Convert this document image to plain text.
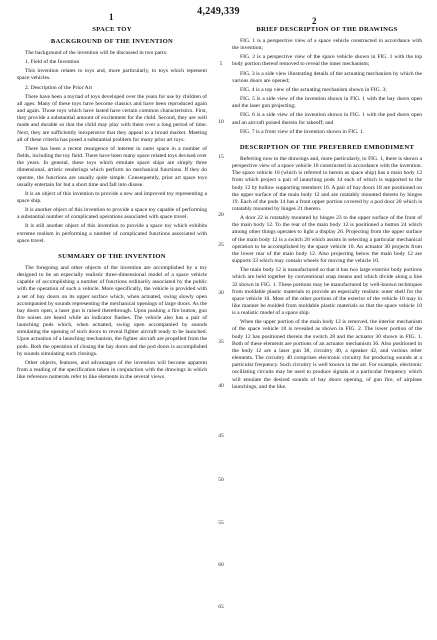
1	4,249,339
2
SPACE TOY
BACKGROUND OF THE INVENTION

The background of the invention will be discussed in two parts:

1. Field of the Invention

This invention relates to toys and, more particularly, to toys which represent space vehicles.

2. Description of the Prior Art

There have been a myriad of toys developed over the years for use by children of all ages. Many of these toys have become classics and have been reproduced again and again. Those toys which have lasted have certain common characteristics. First, they provide a substantial amount of excitement for the child. Second, they are well made and durable so that the child may play with them over a long period of time. Next, they are sufficiently inexpensive that they appeal to a broad market. Meeting all of these criteria has posed a substantial problem for many prior art toys.

There has been a recent resurgence of interest in outer space in a number of fields, including the toy field. There have been many space related toys devised over the years. In general, these toys which emulate space ships are simply three dimensional, artistic renderings which perform no mechanical functions. If they do operate, the functions are usually quite simple. Consequently, prior art space toys usually entertain for but a short time and fall into disuse.

It is an object of this invention to provide a new and improved toy representing a space ship.

It is another object of this invention to provide a space toy capable of performing a substantial number of complicated operations associated with space travel.

It is still another object of this invention to provide a space toy which exhibits extreme realism in performing a number of complicated functions associated with space travel.

SUMMARY OF THE INVENTION

The foregoing and other objects of the invention are accomplished by a toy designed to be an especially realistic three-dimensional model of a space vehicle capable of accomplishing a number of functions ordinarily associated by the public with the operation of such a vehicle. More specifically, the vehicle is provided with a set of bay doors on its upper surface which, when actuated, swing slowly open accompanied by sounds representing the mechanical openings of large doors. As the bay doors open, a laser gun is raised therethrough. Upon pushing a fire button, gun fire noises are heard while an indicator flashes. The vehicle also has a pair of launching pods which, when actuated, swing open accompanied by sounds simulating the opening of such doors to reveal fighter aircraft ready to be launched. Upon actuation of a launching mechanism, the fighter aircraft are propelled from the pods. Both the operation of closing the bay doors and the pod doors is accomplished by sounds simulating such closings.

Other objects, features, and advantages of the invention will become apparent from a reading of the specification taken in conjunction with the drawings in which like reference numerals refer to like elements in the several views.

5
10
15
20
25
30
35
40
45
50
55
60
65
BRIEF DESCRIPTION OF THE DRAWINGS

FIG. 1 is a perspective view of a space vehicle constructed in accordance with the invention;

FIG. 2 is a perspective view of the space vehicle shown in FIG. 1 with the top body portion thereof removed to reveal the inner mechanism;

FIG. 3 is a side view illustrating details of the actuating mechanism by which the various doors are opened;

FIG. 4 is a top view of the actuating mechanism shown in FIG. 3;

FIG. 5 is a side view of the invention shown in FIG. 1 with the bay doors open and the laser gun projecting;

FIG. 6 is a side view of the invention shown in FIG. 1 with the pod doors open and an aircraft poised therein for takeoff; and

FIG. 7 is a front view of the invention shown in FIG. 1.

DESCRIPTION OF THE PREFERRED EMBODIMENT

Referring now to the drawings and, more particularly, to FIG. 1, there is shown a perspective view of a space vehicle 10 constructed in accordance with the invention. The space vehicle 10 (which is referred to herein as space ship) has a main body 12 from which project a pair of launching pods 14 each of which is supported to the body 12 by hollow supporting members 16. A pair of bay doors 18 are positioned on the upper surface of the main body 12 and are rotatably mounted thereto by hinges 19. Each of the pods 14 has a front upper portion covered by a pod door 20 which is rotatably mounted by hinges 21 thereto.

A door 22 is rotatably mounted by hinges 23 to the upper surface of the front of the main body 12. To the rear of the main body 12 is positioned a button 24 which among other things operates to light a display 26. Projecting from the upper surface of the main body 12 is a switch 28 which assists in selecting a particular mechanical operation to be accomplished by the space vehicle 10. An actuator 30 projects from the lower rear of the main body 12. Also projecting below the main body 12 are supports 33 which may contain wheels for moving the vehicle 10.

The main body 12 is manufactured so that it has two large exterior body portions which are held together by conventional snap means and which divide along a line 32 shown in FIG. 1. These portions may be manufactured by well-known techniques from moldable plastic materials to provide an especially realistic outer shell for the space vehicle 10. Most of the other portions of the exterior of the vehicle 10 may in like manner be molded from moldable plastic materials so that the space vehicle 10 is a realistic model of a space ship.

When the upper portion of the main body 12 is removed, the interior mechanism of the space vehicle 10 is revealed as shown in FIG. 2. The lower portion of the body 12 has positioned therein the switch 28 and the actuator 30 shown in FIG. 1. Both of these elements are portions of an actuator mechanism 36. Also positioned in the body 12 are a laser gun 38, circuitry 40, a speaker 42, and various other elements. The circuitry 40 comprises electronic circuitry for producing sounds at a particular frequency. Such circuitry is well known in the art. For example, electronic oscillating circuits may be used to produce signals at a particular frequency which will emulate the desired sounds of bay doors opening, of gun fire, of airplane launchings, and the like.
